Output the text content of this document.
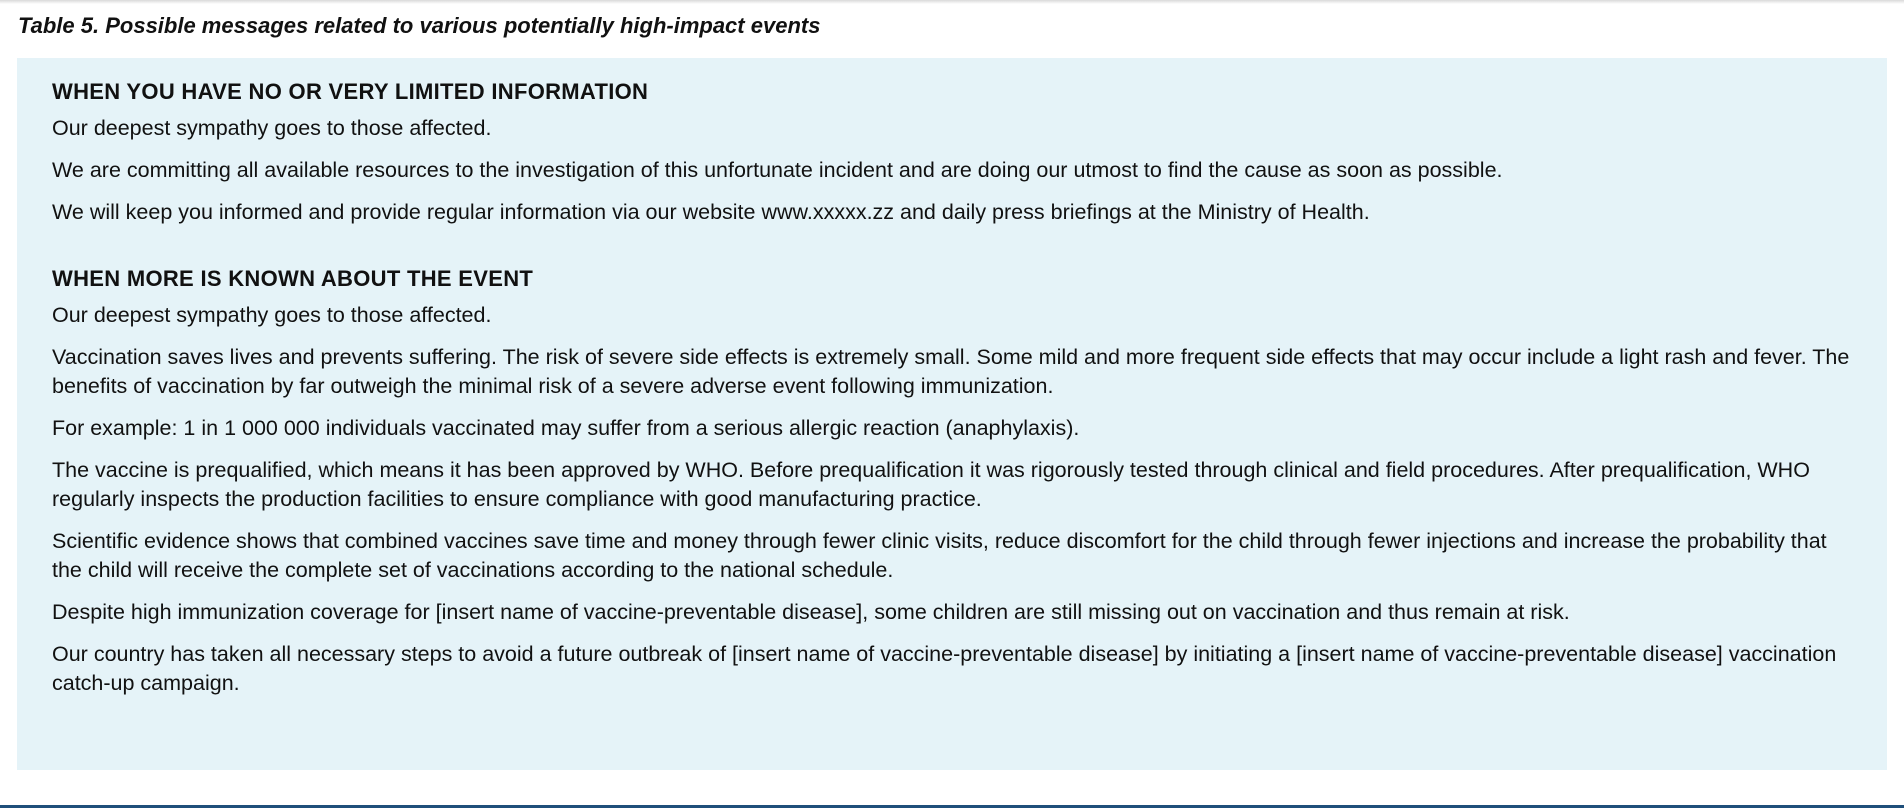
Table 5. Possible messages related to various potentially high-impact events
WHEN YOU HAVE NO OR VERY LIMITED INFORMATION

Our deepest sympathy goes to those affected.

We are committing all available resources to the investigation of this unfortunate incident and are doing our utmost to find the cause as soon as possible.

We will keep you informed and provide regular information via our website www.xxxxx.zz and daily press briefings at the Ministry of Health.

WHEN MORE IS KNOWN ABOUT THE EVENT

Our deepest sympathy goes to those affected.

Vaccination saves lives and prevents suffering. The risk of severe side effects is extremely small. Some mild and more frequent side effects that may occur include a light rash and fever. The benefits of vaccination by far outweigh the minimal risk of a severe adverse event following immunization.

For example: 1 in 1 000 000 individuals vaccinated may suffer from a serious allergic reaction (anaphylaxis).

The vaccine is prequalified, which means it has been approved by WHO. Before prequalification it was rigorously tested through clinical and field procedures. After prequalification, WHO regularly inspects the production facilities to ensure compliance with good manufacturing practice.

Scientific evidence shows that combined vaccines save time and money through fewer clinic visits, reduce discomfort for the child through fewer injections and increase the probability that the child will receive the complete set of vaccinations according to the national schedule.

Despite high immunization coverage for [insert name of vaccine-preventable disease], some children are still missing out on vaccination and thus remain at risk.

Our country has taken all necessary steps to avoid a future outbreak of [insert name of vaccine-preventable disease] by initiating a [insert name of vaccine-preventable disease] vaccination catch-up campaign.
